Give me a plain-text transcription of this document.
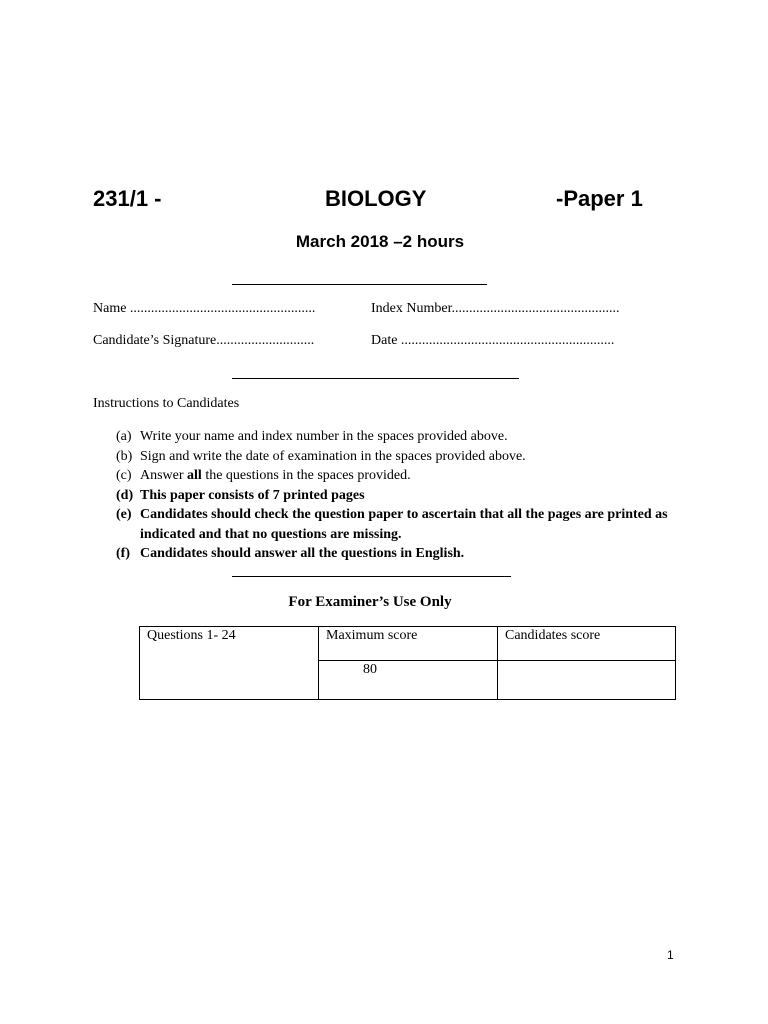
231/1 -	BIOLOGY	-Paper 1
March 2018 –2 hours
Name .....................................................	Index Number................................................
Candidate’s Signature............................	Date .............................................................
Instructions to Candidates
(a) Write your name and index number in the spaces provided above.
(b) Sign and write the date of examination in the spaces provided above.
(c) Answer all the questions in the spaces provided.
(d) This paper consists of 7 printed pages
(e) Candidates should check the question paper to ascertain that all the pages are printed as indicated and that no questions are missing.
(f) Candidates should answer all the questions in English.
For Examiner’s Use Only
Questions 1- 24	Maximum score	Candidates score
	80	
1
